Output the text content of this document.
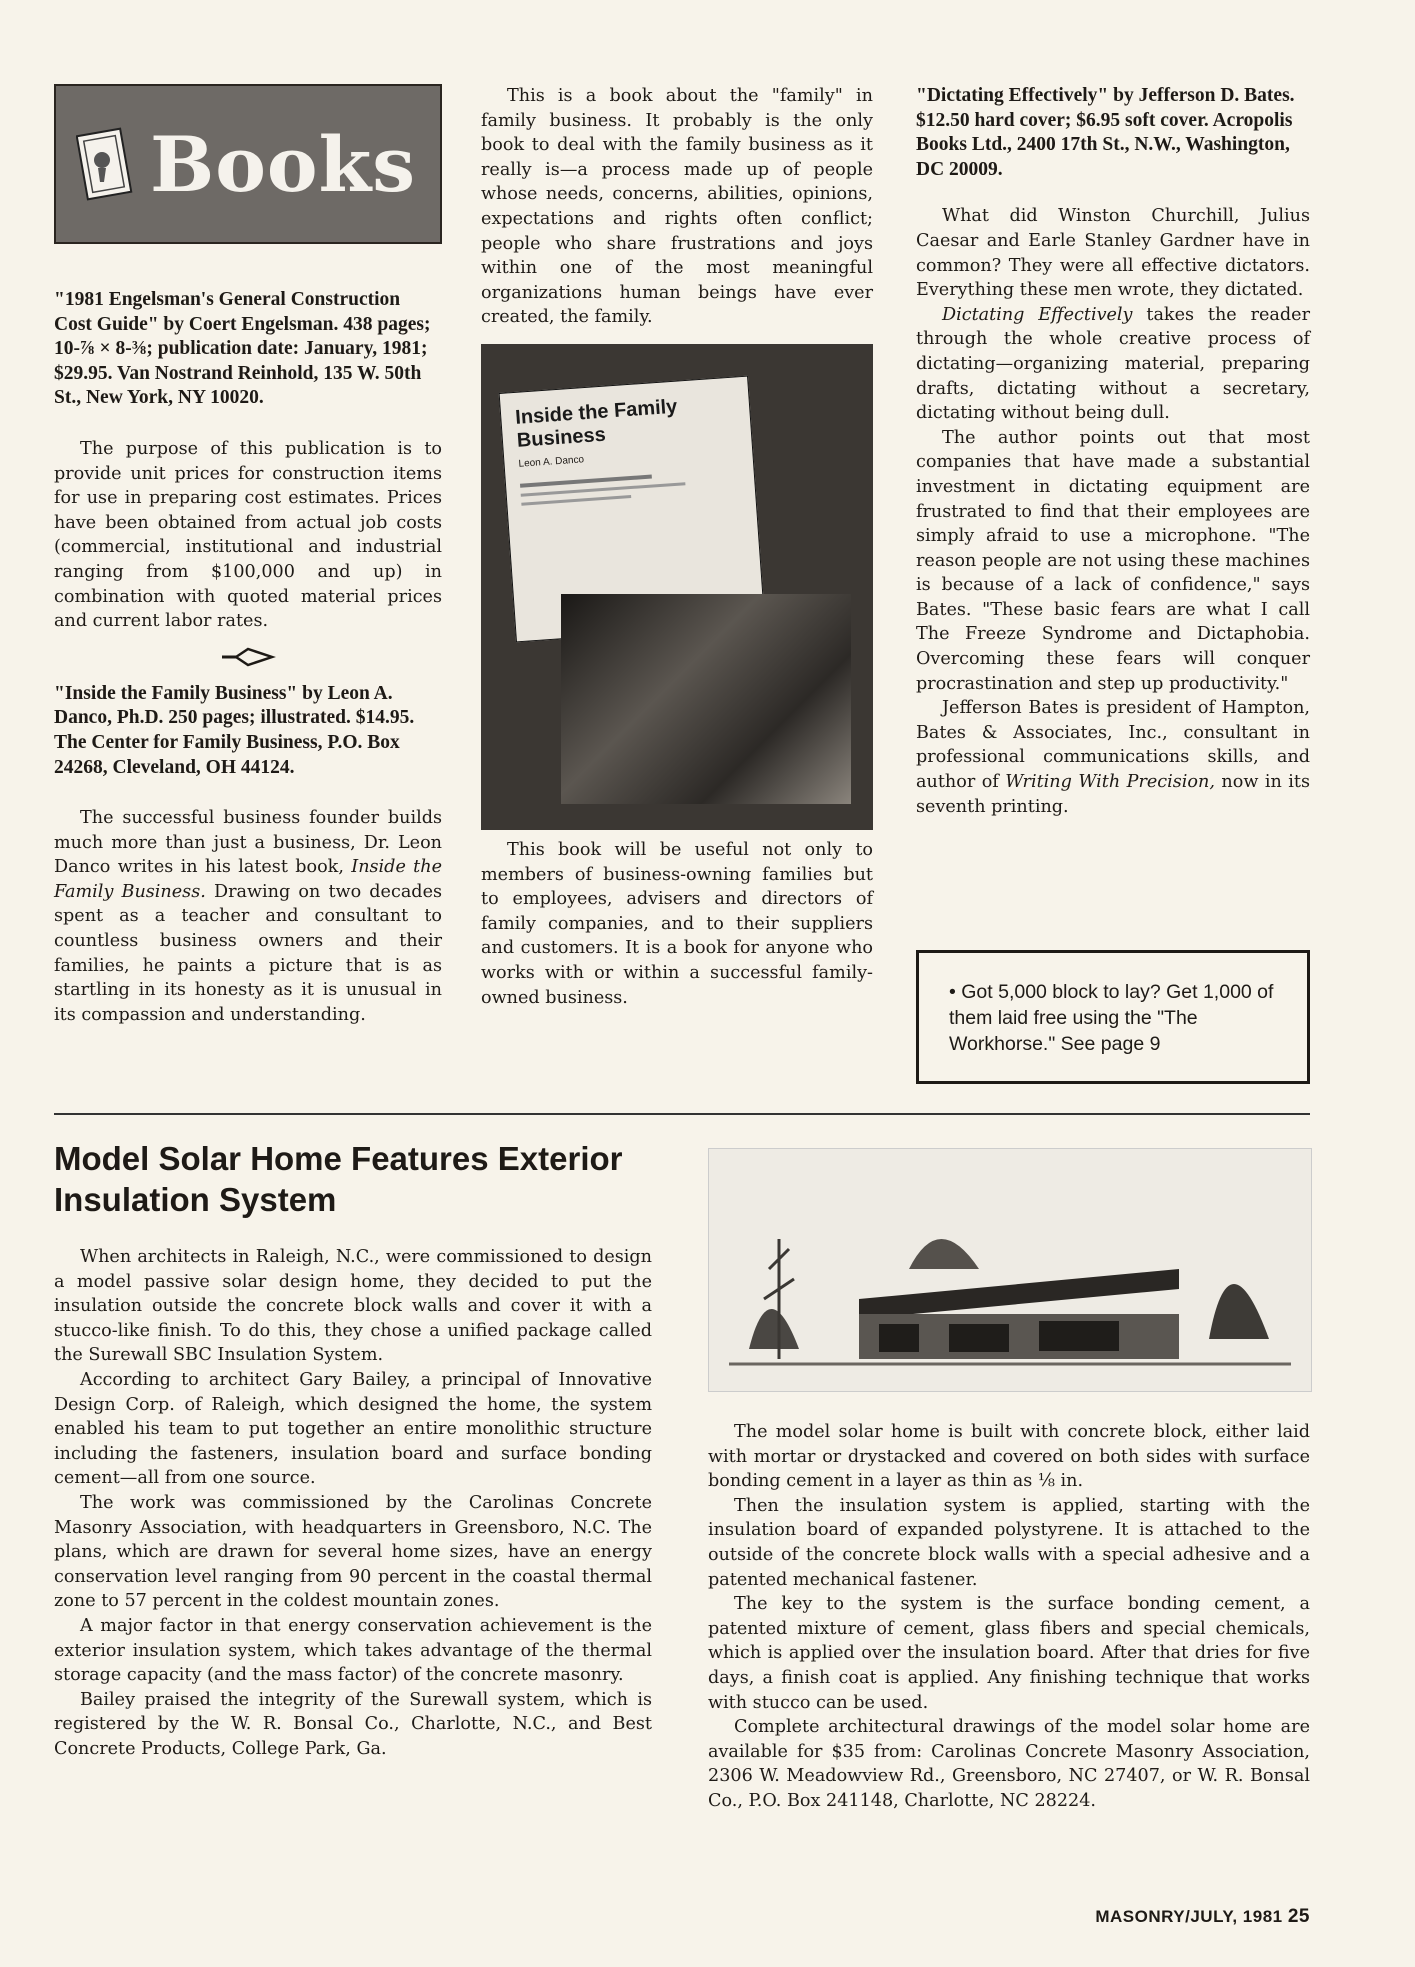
Books

"1981 Engelsman's General Construction Cost Guide" by Coert Engelsman. 438 pages; 10-⅞ × 8-⅜; publication date: January, 1981; $29.95. Van Nostrand Reinhold, 135 W. 50th St., New York, NY 10020.

The purpose of this publication is to provide unit prices for construction items for use in preparing cost estimates. Prices have been obtained from actual job costs (commercial, institutional and industrial ranging from $100,000 and up) in combination with quoted material prices and current labor rates.

"Inside the Family Business" by Leon A. Danco, Ph.D. 250 pages; illustrated. $14.95. The Center for Family Business, P.O. Box 24268, Cleveland, OH 44124.

The successful business founder builds much more than just a business, Dr. Leon Danco writes in his latest book, Inside the Family Business. Drawing on two decades spent as a teacher and consultant to countless business owners and their families, he paints a picture that is as startling in its honesty as it is unusual in its compassion and understanding.

This is a book about the "family" in family business. It probably is the only book to deal with the family business as it really is—a process made up of people whose needs, concerns, abilities, opinions, expectations and rights often conflict; people who share frustrations and joys within one of the most meaningful organizations human beings have ever created, the family.

Inside the Family Business
Leon A. Danco

This book will be useful not only to members of business-owning families but to employees, advisers and directors of family companies, and to their suppliers and customers. It is a book for anyone who works with or within a successful family-owned business.

"Dictating Effectively" by Jefferson D. Bates. $12.50 hard cover; $6.95 soft cover. Acropolis Books Ltd., 2400 17th St., N.W., Washington, DC 20009.

What did Winston Churchill, Julius Caesar and Earle Stanley Gardner have in common? They were all effective dictators. Everything these men wrote, they dictated.

Dictating Effectively takes the reader through the whole creative process of dictating—organizing material, preparing drafts, dictating without a secretary, dictating without being dull.

The author points out that most companies that have made a substantial investment in dictating equipment are frustrated to find that their employees are simply afraid to use a microphone. "The reason people are not using these machines is because of a lack of confidence," says Bates. "These basic fears are what I call The Freeze Syndrome and Dictaphobia. Overcoming these fears will conquer procrastination and step up productivity."

Jefferson Bates is president of Hampton, Bates & Associates, Inc., consultant in professional communications skills, and author of Writing With Precision, now in its seventh printing.

• Got 5,000 block to lay? Get 1,000 of them laid free using the "The Workhorse." See page 9
Model Solar Home Features Exterior Insulation System

When architects in Raleigh, N.C., were commissioned to design a model passive solar design home, they decided to put the insulation outside the concrete block walls and cover it with a stucco-like finish. To do this, they chose a unified package called the Surewall SBC Insulation System.

According to architect Gary Bailey, a principal of Innovative Design Corp. of Raleigh, which designed the home, the system enabled his team to put together an entire monolithic structure including the fasteners, insulation board and surface bonding cement—all from one source.

The work was commissioned by the Carolinas Concrete Masonry Association, with headquarters in Greensboro, N.C. The plans, which are drawn for several home sizes, have an energy conservation level ranging from 90 percent in the coastal thermal zone to 57 percent in the coldest mountain zones.

A major factor in that energy conservation achievement is the exterior insulation system, which takes advantage of the thermal storage capacity (and the mass factor) of the concrete masonry.

Bailey praised the integrity of the Surewall system, which is registered by the W. R. Bonsal Co., Charlotte, N.C., and Best Concrete Products, College Park, Ga.

The model solar home is built with concrete block, either laid with mortar or drystacked and covered on both sides with surface bonding cement in a layer as thin as ⅛ in.

Then the insulation system is applied, starting with the insulation board of expanded polystyrene. It is attached to the outside of the concrete block walls with a special adhesive and a patented mechanical fastener.

The key to the system is the surface bonding cement, a patented mixture of cement, glass fibers and special chemicals, which is applied over the insulation board. After that dries for five days, a finish coat is applied. Any finishing technique that works with stucco can be used.

Complete architectural drawings of the model solar home are available for $35 from: Carolinas Concrete Masonry Association, 2306 W. Meadowview Rd., Greensboro, NC 27407, or W. R. Bonsal Co., P.O. Box 241148, Charlotte, NC 28224.

MASONRY/JULY, 1981 25
